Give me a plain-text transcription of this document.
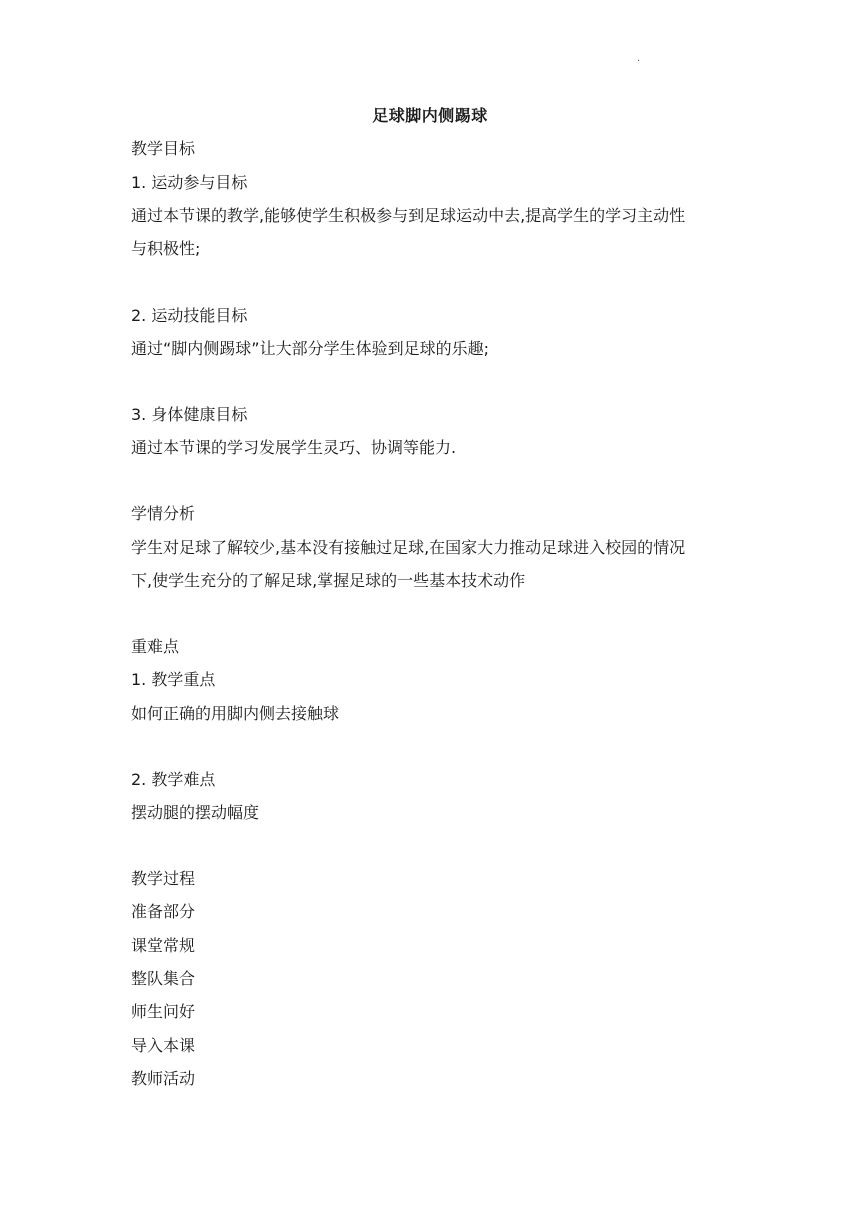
·
足球脚内侧踢球
教学目标
1. 运动参与目标
通过本节课的教学,能够使学生积极参与到足球运动中去,提高学生的学习主动性
与积极性;
2. 运动技能目标
通过“脚内侧踢球”让大部分学生体验到足球的乐趣;
3. 身体健康目标
通过本节课的学习发展学生灵巧、协调等能力.
学情分析
学生对足球了解较少,基本没有接触过足球,在国家大力推动足球进入校园的情况
下,使学生充分的了解足球,掌握足球的一些基本技术动作
重难点
1. 教学重点
如何正确的用脚内侧去接触球
2. 教学难点
摆动腿的摆动幅度
教学过程
准备部分
课堂常规
整队集合
师生问好
导入本课
教师活动
